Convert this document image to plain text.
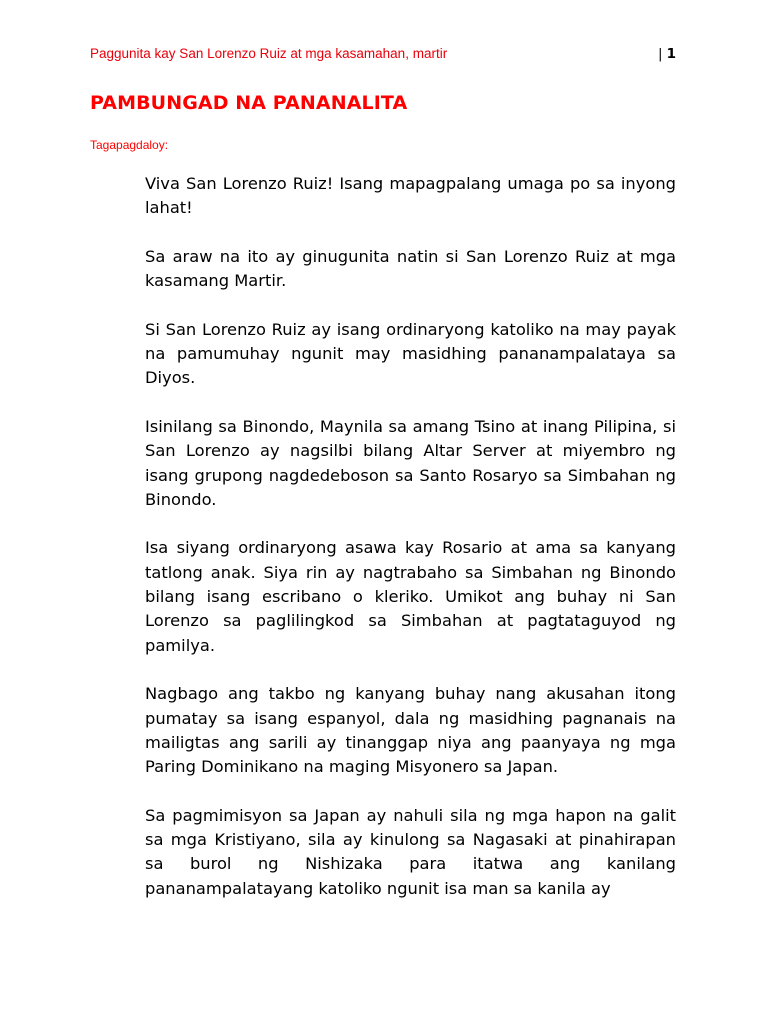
Paggunita kay San Lorenzo Ruiz at mga kasamahan, martir	| 1
PAMBUNGAD NA PANANALITA
Tagapagdaloy:

Viva San Lorenzo Ruiz! Isang mapagpalang umaga po sa inyong lahat!

Sa araw na ito ay ginugunita natin si San Lorenzo Ruiz at mga kasamang Martir.

Si San Lorenzo Ruiz ay isang ordinaryong katoliko na may payak na pamumuhay ngunit may masidhing pananampalataya sa Diyos.

Isinilang sa Binondo, Maynila sa amang Tsino at inang Pilipina, si San Lorenzo ay nagsilbi bilang Altar Server at miyembro ng isang grupong nagdedeboson sa Santo Rosaryo sa Simbahan ng Binondo.

Isa siyang ordinaryong asawa kay Rosario at ama sa kanyang tatlong anak. Siya rin ay nagtrabaho sa Simbahan ng Binondo bilang isang escribano o kleriko. Umikot ang buhay ni San Lorenzo sa paglilingkod sa Simbahan at pagtataguyod ng pamilya.

Nagbago ang takbo ng kanyang buhay nang akusahan itong pumatay sa isang espanyol, dala ng masidhing pagnanais na mailigtas ang sarili ay tinanggap niya ang paanyaya ng mga Paring Dominikano na maging Misyonero sa Japan.

Sa pagmimisyon sa Japan ay nahuli sila ng mga hapon na galit sa mga Kristiyano, sila ay kinulong sa Nagasaki at pinahirapan sa burol ng Nishizaka para itatwa ang kanilang pananampalatayang katoliko ngunit isa man sa kanila ay
